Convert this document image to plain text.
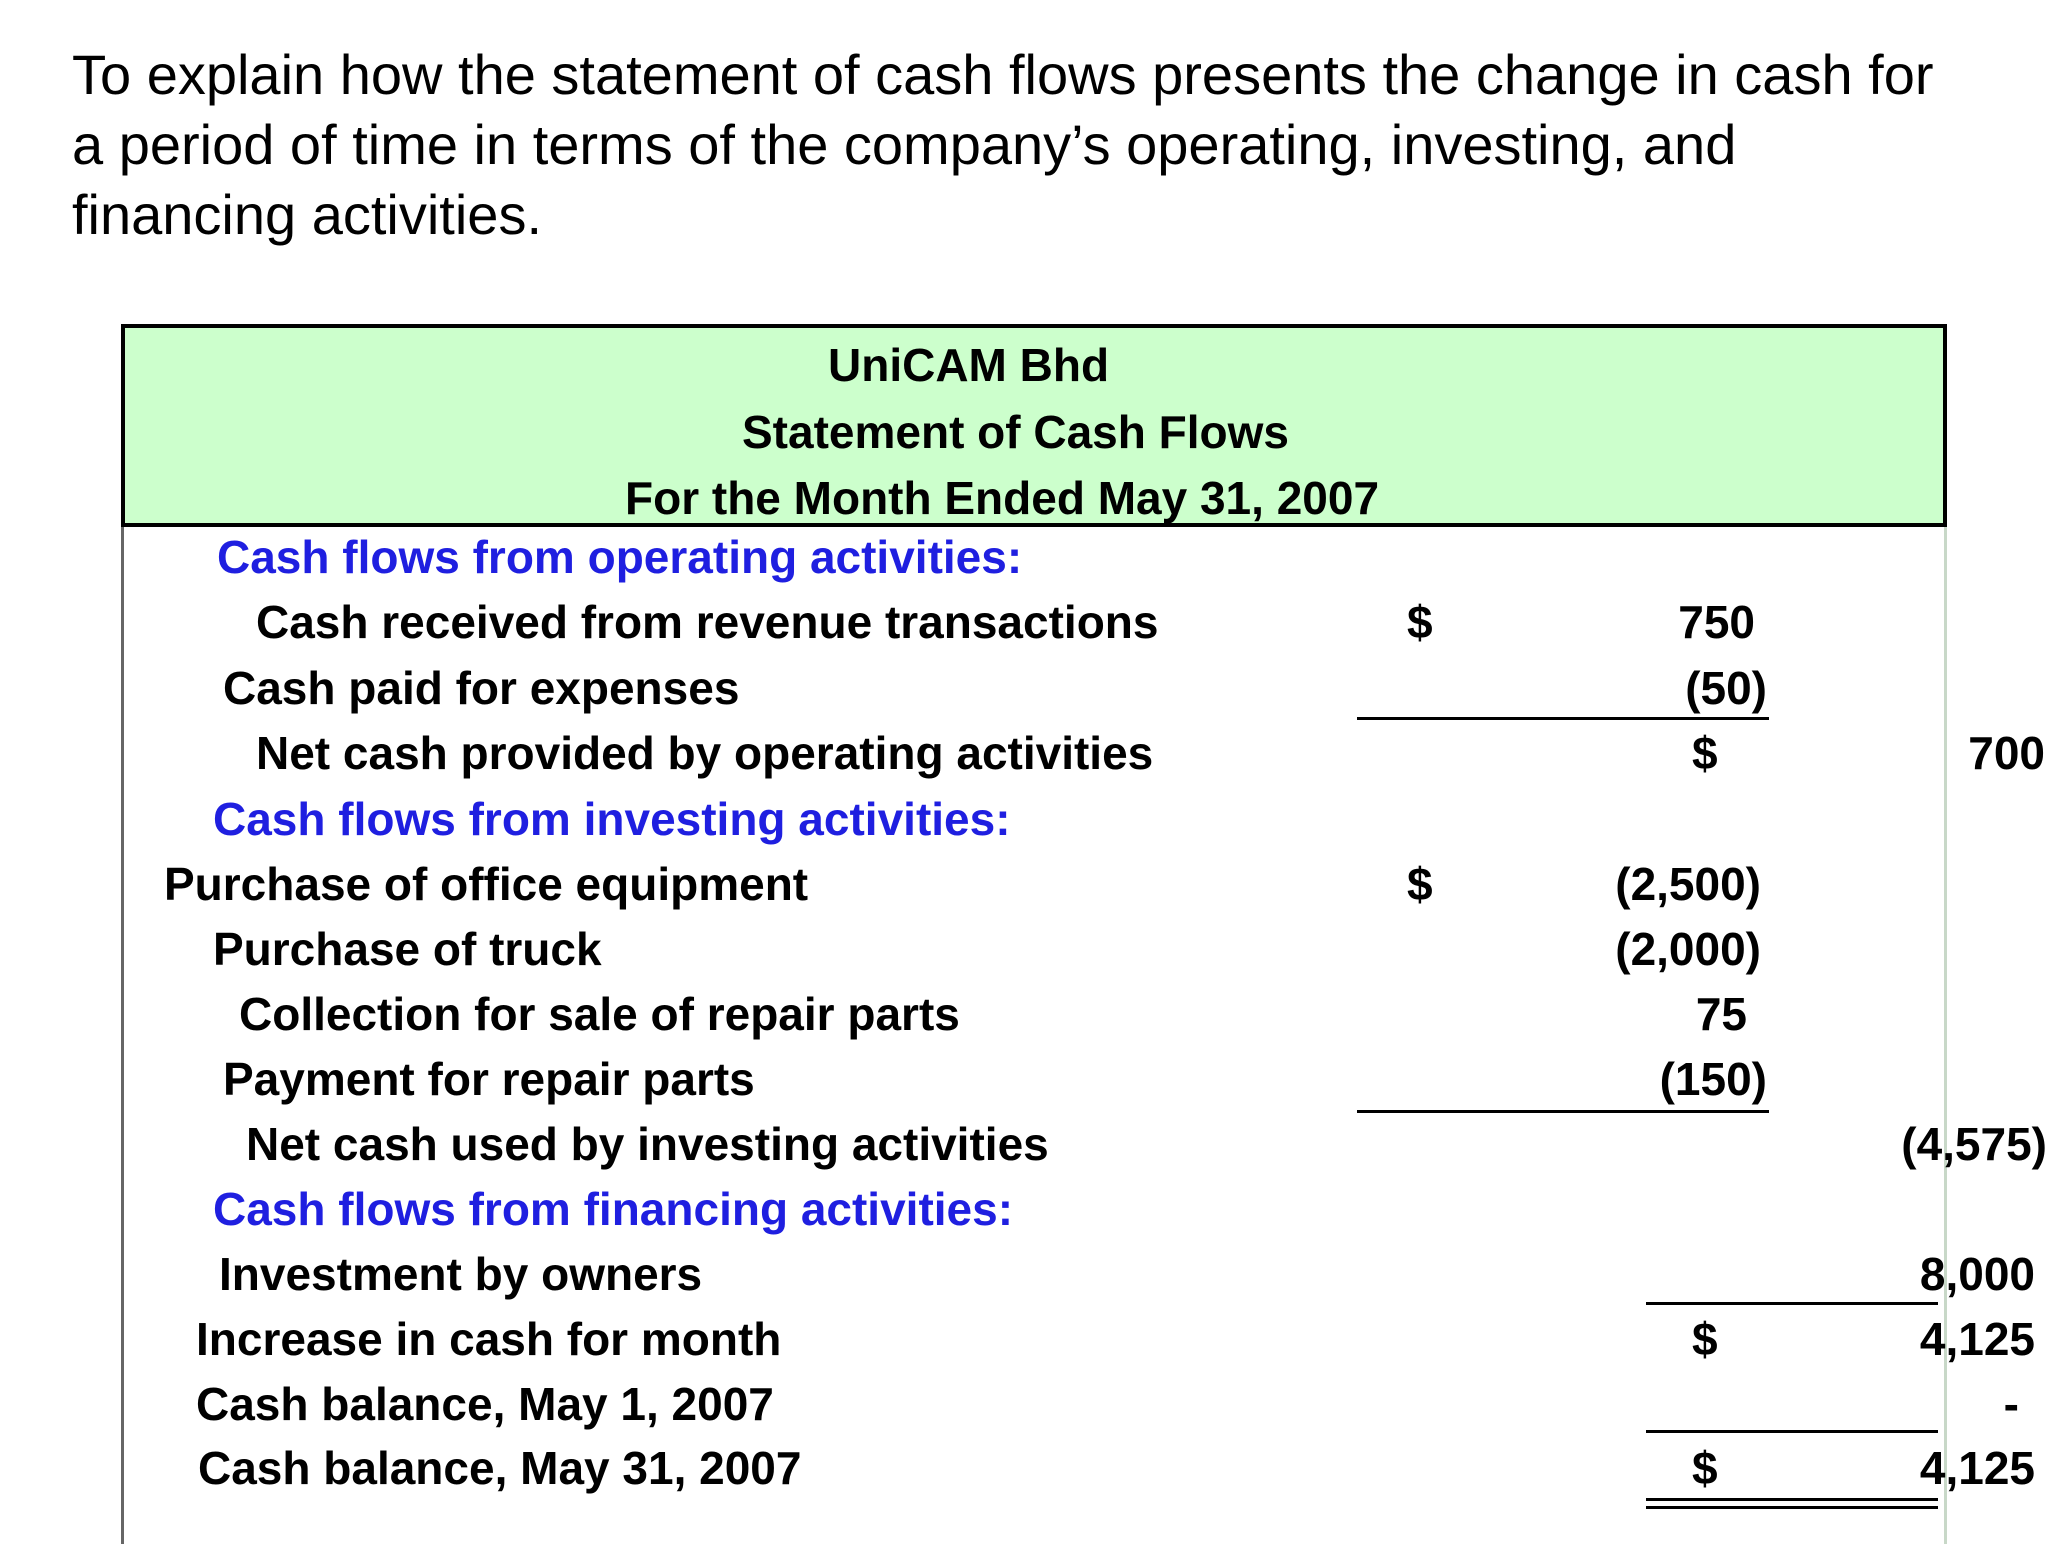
To explain how the statement of cash flows presents the change in cash for a period of time in terms of the company’s operating, investing, and financing activities.
UniCAM Bhd
Statement of Cash Flows
For the Month Ended May 31, 2007
Cash flows from operating activities:
Cash received from revenue transactions	$	750
Cash paid for expenses	(50)
Net cash provided by operating activities	$	700
Cash flows from investing activities:
Purchase of office equipment	$	(2,500)
Purchase of truck	(2,000)
Collection for sale of repair parts	75
Payment for repair parts	(150)
Net cash used by investing activities	(4,575)
Cash flows from financing activities:
Investment by owners	8,000
Increase in cash for month	$	4,125
Cash balance, May 1, 2007	-
Cash balance, May 31, 2007	$	4,125
